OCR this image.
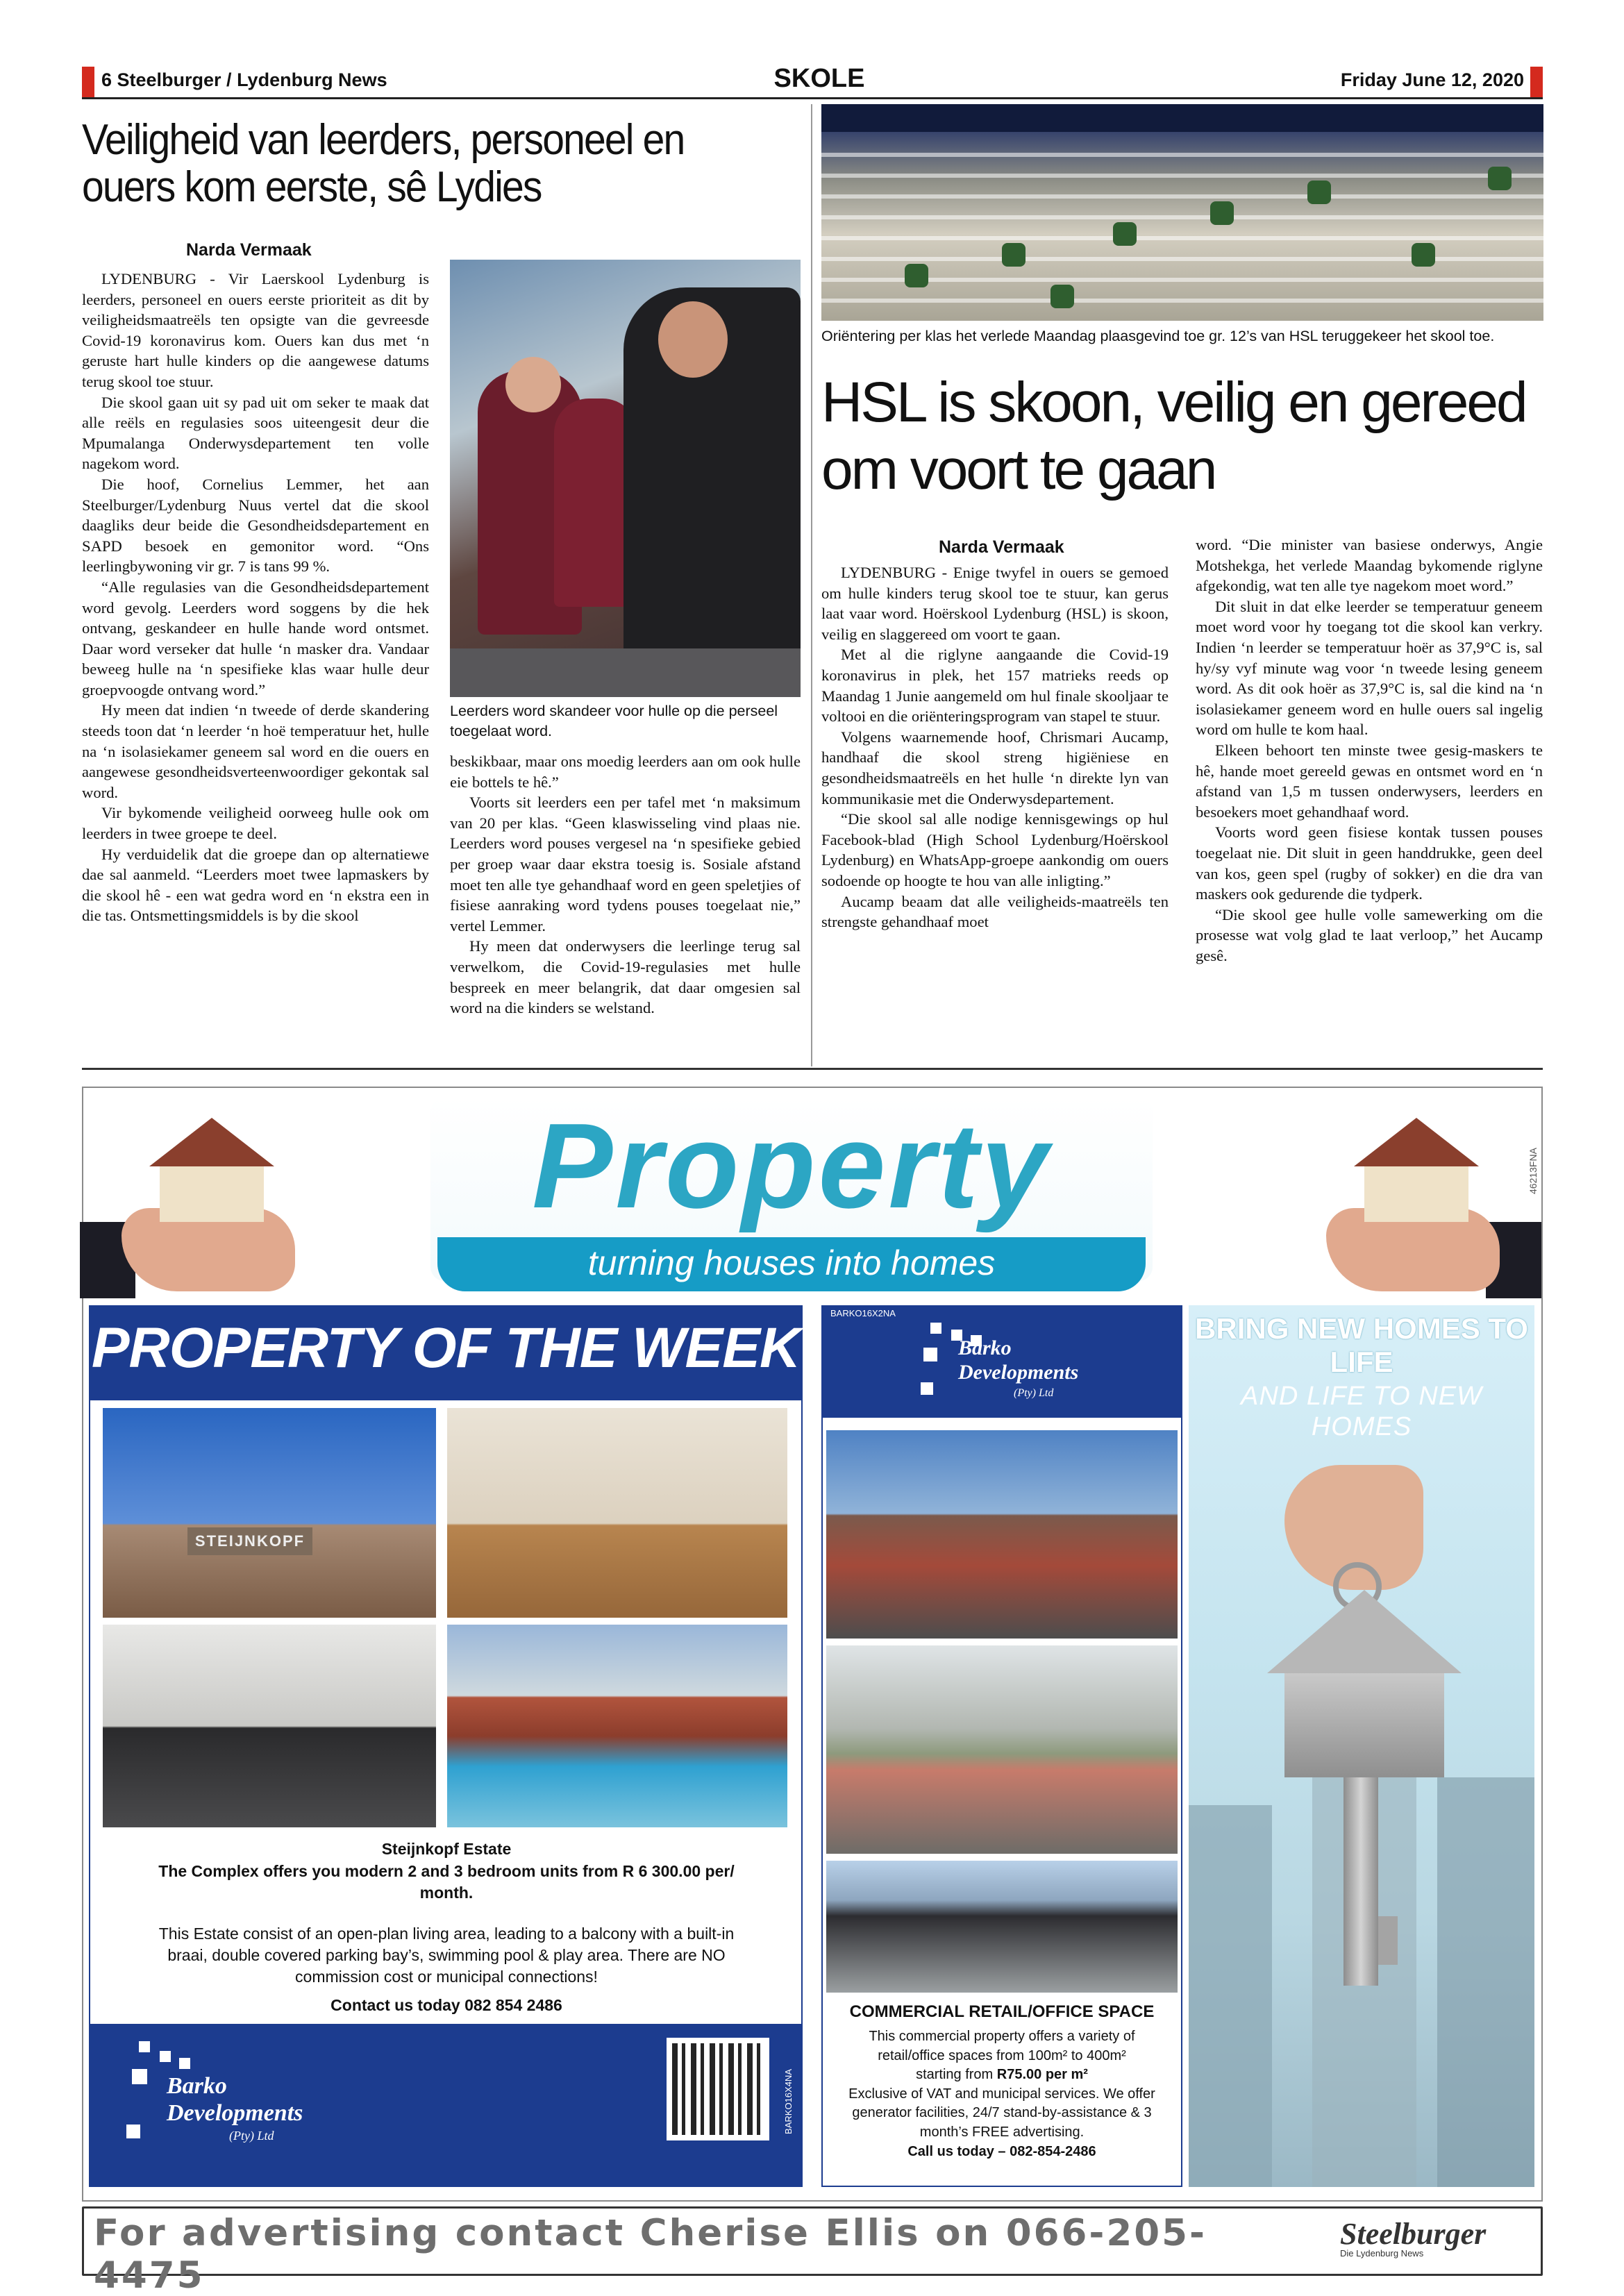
6 Steelburger / Lydenburg News	SKOLE	Friday June 12, 2020
Veiligheid van leerders, personeel en ouers kom eerste, sê Lydies
Narda Vermaak

LYDENBURG - Vir Laerskool Lydenburg is leerders, personeel en ouers eerste prioriteit as dit by veiligheidsmaatreëls ten opsigte van die gevreesde Covid-19 koronavirus kom. Ouers kan dus met ‘n geruste hart hulle kinders op die aangewese datums terug skool toe stuur.

Die skool gaan uit sy pad uit om seker te maak dat alle reëls en regulasies soos uiteengesit deur die Mpumalanga Onderwysdepartement ten volle nagekom word.

Die hoof, Cornelius Lemmer, het aan Steelburger/Lydenburg Nuus vertel dat die skool daagliks deur beide die Gesondheidsdepartement en SAPD besoek en gemonitor word. “Ons leerlingbywoning vir gr. 7 is tans 99 %.

“Alle regulasies van die Gesondheidsdepartement word gevolg. Leerders word soggens by die hek ontvang, geskandeer en hulle hande word ontsmet. Daar word verseker dat hulle ‘n masker dra. Vandaar beweeg hulle na ‘n spesifieke klas waar hulle deur groepvoogde ontvang word.”

Hy meen dat indien ‘n tweede of derde skandering steeds toon dat ‘n leerder ‘n hoë temperatuur het, hulle na ‘n isolasiekamer geneem sal word en die ouers en aangewese gesondheidsverteenwoordiger gekontak sal word.

Vir bykomende veiligheid oorweeg hulle ook om leerders in twee groepe te deel.

Hy verduidelik dat die groepe dan op alternatiewe dae sal aanmeld. “Leerders moet twee lapmaskers by die skool hê - een wat gedra word en ‘n ekstra een in die tas. Ontsmettingsmiddels is by die skool

Leerders word skandeer voor hulle op die perseel toegelaat word.

beskikbaar, maar ons moedig leerders aan om ook hulle eie bottels te hê.”

Voorts sit leerders een per tafel met ‘n maksimum van 20 per klas. “Geen klaswisseling vind plaas nie. Leerders word pouses vergesel na ‘n spesifieke gebied per groep waar daar ekstra toesig is. Sosiale afstand moet ten alle tye gehandhaaf word en geen speletjies of fisiese aanraking word tydens pouses toegelaat nie,” vertel Lemmer.

Hy meen dat onderwysers die leerlinge terug sal verwelkom, die Covid-19-regulasies met hulle bespreek en meer belangrik, dat daar omgesien sal word na die kinders se welstand.

Oriëntering per klas het verlede Maandag plaasgevind toe gr. 12’s van HSL teruggekeer het skool toe.
HSL is skoon, veilig en gereed om voort te gaan
Narda Vermaak

LYDENBURG - Enige twyfel in ouers se gemoed om hulle kinders terug skool toe te stuur, kan gerus laat vaar word. Hoërskool Lydenburg (HSL) is skoon, veilig en slaggereed om voort te gaan.

Met al die riglyne aangaande die Covid-19 koronavirus in plek, het 157 matrieks reeds op Maandag 1 Junie aangemeld om hul finale skooljaar te voltooi en die oriënteringsprogram van stapel te stuur.

Volgens waarnemende hoof, Chrismari Aucamp, handhaaf die skool streng higiëniese en gesondheidsmaatreëls en het hulle ‘n direkte lyn van kommunikasie met die Onderwysdepartement.

“Die skool sal alle nodige kennisgewings op hul Facebook-blad (High School Lydenburg/Hoërskool Lydenburg) en WhatsApp-groepe aankondig om ouers sodoende op hoogte te hou van alle inligting.”

Aucamp beaam dat alle veiligheids-maatreëls ten strengste gehandhaaf moet

word. “Die minister van basiese onderwys, Angie Motshekga, het verlede Maandag bykomende riglyne afgekondig, wat ten alle tye nagekom moet word.”

Dit sluit in dat elke leerder se temperatuur geneem moet word voor hy toegang tot die skool kan verkry. Indien ‘n leerder se temperatuur hoër as 37,9°C is, sal hy/sy vyf minute wag voor ‘n tweede lesing geneem word. As dit ook hoër as 37,9°C is, sal die kind na ‘n isolasiekamer geneem word en hulle ouers sal ingelig word om hulle te kom haal.

Elkeen behoort ten minste twee gesig-maskers te hê, hande moet gereeld gewas en ontsmet word en ‘n afstand van 1,5 m tussen onderwysers, leerders en besoekers moet gehandhaaf word.

Voorts word geen fisiese kontak tussen pouses toegelaat nie. Dit sluit in geen handdrukke, geen deel van kos, geen spel (rugby of sokker) en die dra van maskers ook gedurende die tydperk.

“Die skool gee hulle volle samewerking om die prosesse wat volg glad te laat verloop,” het Aucamp gesê.

46213FNA
Property
turning houses into homes
PROPERTY OF THE WEEK
STEIJNKOPF
Steijnkopf Estate
The Complex offers you modern 2 and 3 bedroom units from R 6 300.00 per/ month.
This Estate consist of an open-plan living area, leading to a balcony with a built-in braai, double covered parking bay’s, swimming pool & play area. There are NO commission cost or municipal connections!
Contact us today 082 854 2486
Barko
Developments
(Pty) Ltd
BARKO16X4NA
BARKO16X2NA
Barko
Developments
(Pty) Ltd
COMMERCIAL RETAIL/OFFICE SPACE
This commercial property offers a variety of retail/office spaces from 100m² to 400m²
starting from R75.00 per m²
Exclusive of VAT and municipal services. We offer generator facilities, 24/7 stand-by-assistance & 3 month’s FREE advertising.
Call us today – 082-854-2486
BRING NEW HOMES TO LIFE
AND LIFE TO NEW HOMES
For advertising contact Cherise Ellis on 066-205-4475
Steelburger
Die Lydenburg News
